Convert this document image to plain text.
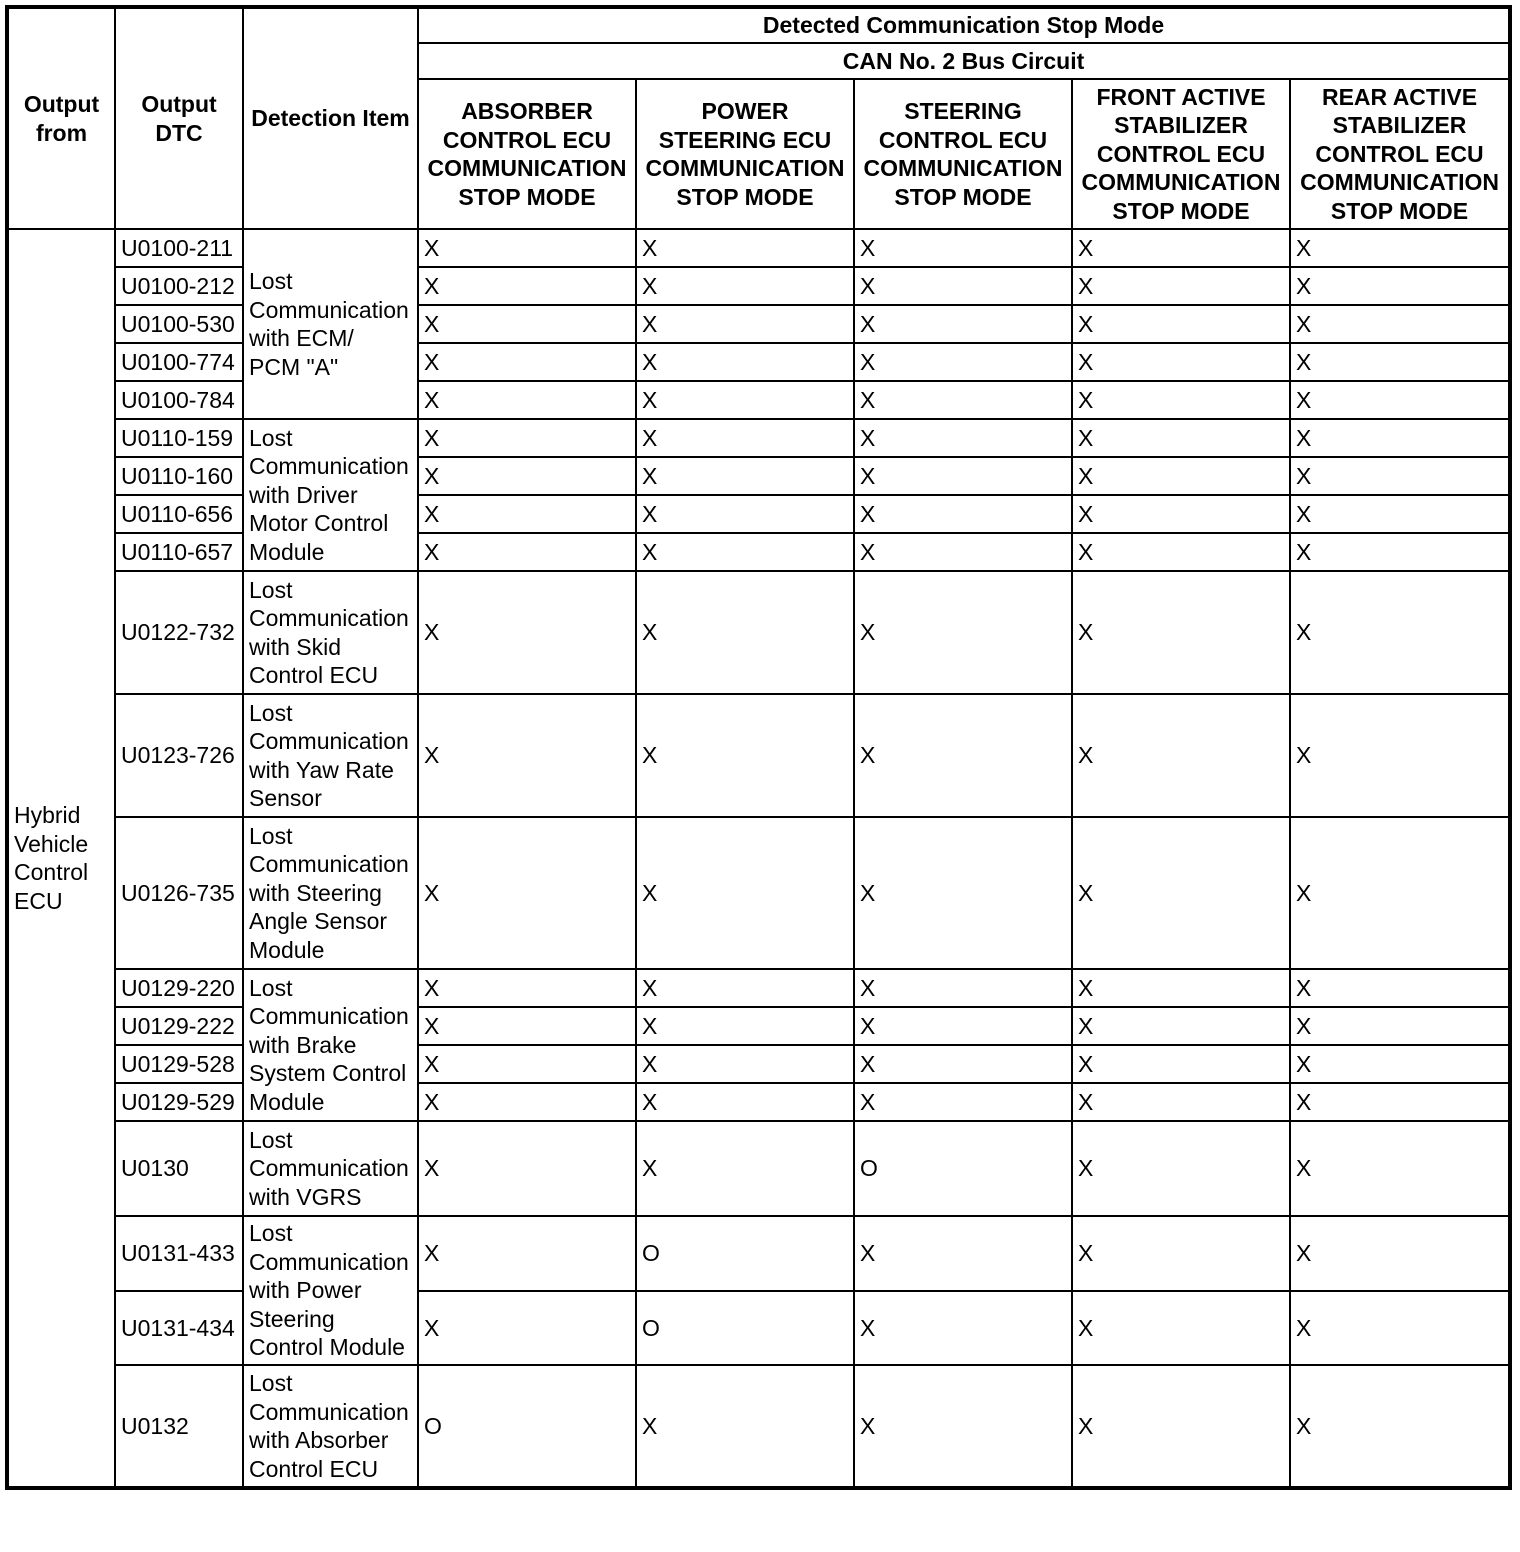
Output
from	Output
DTC	Detection Item	Detected Communication Stop Mode				
			CAN No. 2 Bus Circuit				
			ABSORBER
CONTROL ECU
COMMUNICATION
STOP MODE	POWER
STEERING ECU
COMMUNICATION
STOP MODE	STEERING
CONTROL ECU
COMMUNICATION
STOP MODE	FRONT ACTIVE
STABILIZER
CONTROL ECU
COMMUNICATION
STOP MODE	REAR ACTIVE
STABILIZER
CONTROL ECU
COMMUNICATION
STOP MODE
Hybrid
Vehicle
Control
ECU	U0100-211	Lost
Communication
with ECM/
PCM "A"	X	X	X	X	X
	U0100-212		X	X	X	X	X
	U0100-530		X	X	X	X	X
	U0100-774		X	X	X	X	X
	U0100-784		X	X	X	X	X
	U0110-159	Lost
Communication
with Driver
Motor Control
Module	X	X	X	X	X
	U0110-160		X	X	X	X	X
	U0110-656		X	X	X	X	X
	U0110-657		X	X	X	X	X
	U0122-732	Lost
Communication
with Skid
Control ECU	X	X	X	X	X
	U0123-726	Lost
Communication
with Yaw Rate
Sensor	X	X	X	X	X
	U0126-735	Lost
Communication
with Steering
Angle Sensor
Module	X	X	X	X	X
	U0129-220	Lost
Communication
with Brake
System Control
Module	X	X	X	X	X
	U0129-222		X	X	X	X	X
	U0129-528		X	X	X	X	X
	U0129-529		X	X	X	X	X
	U0130	Lost
Communication
with VGRS	X	X	O	X	X
	U0131-433	Lost
Communication
with Power
Steering
Control Module	X	O	X	X	X
	U0131-434		X	O	X	X	X
	U0132	Lost
Communication
with Absorber
Control ECU	O	X	X	X	X
